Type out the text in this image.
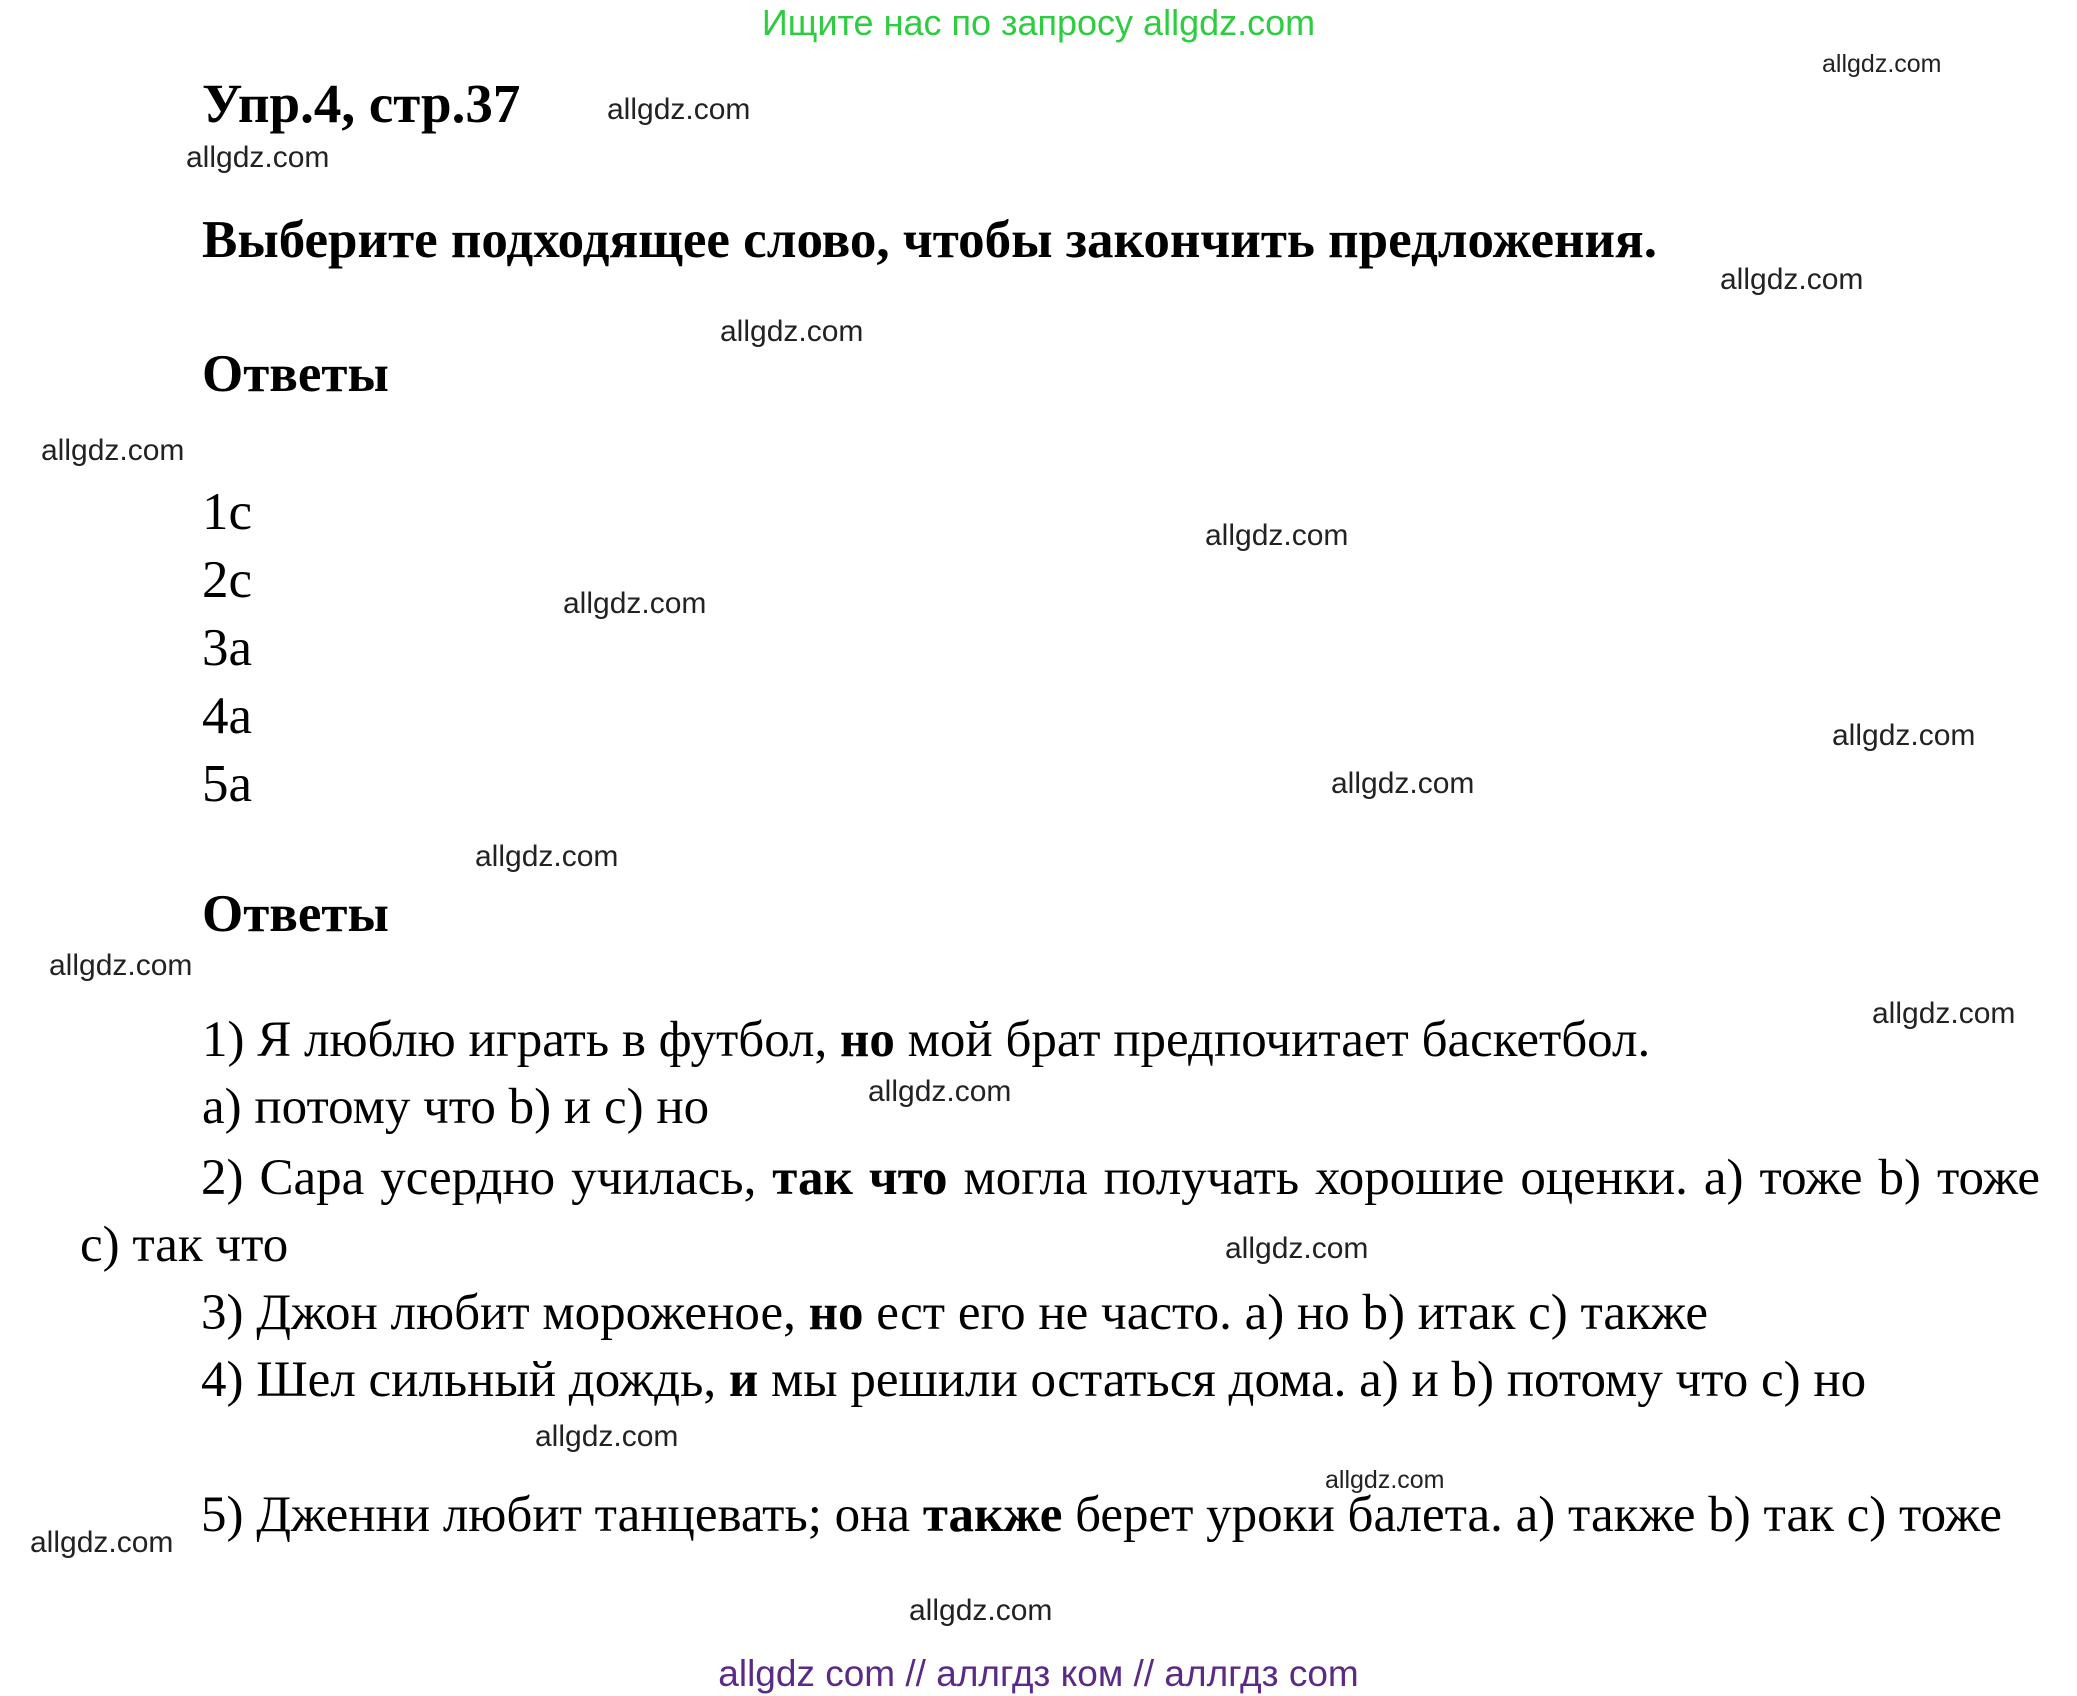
Ищите нас по запросу allgdz.com
Упр.4, стр.37
Выберите подходящее слово, чтобы закончить предложения.
Ответы
1c
2c
3a
4a
5a
Ответы
1) Я люблю играть в футбол, но мой брат предпочитает баскетбол.
a) потому что b) и c) но
2) Сара усердно училась, так что могла получать хорошие оценки. a) тоже b) тоже c) так что
3) Джон любит мороженое, но ест его не часто. a) но b) итак c) также
4) Шел сильный дождь, и мы решили остаться дома. a) и b) потому что c) но
5) Дженни любит танцевать; она также берет уроки балета. a) также b) так c) тоже
allgdz.com
allgdz.com
allgdz.com
allgdz.com
allgdz.com
allgdz.com
allgdz.com
allgdz.com
allgdz.com
allgdz.com
allgdz.com
allgdz.com
allgdz.com
allgdz.com
allgdz.com
allgdz.com
allgdz.com
allgdz.com
allgdz.com
allgdz com // аллгдз ком // аллгдз com
